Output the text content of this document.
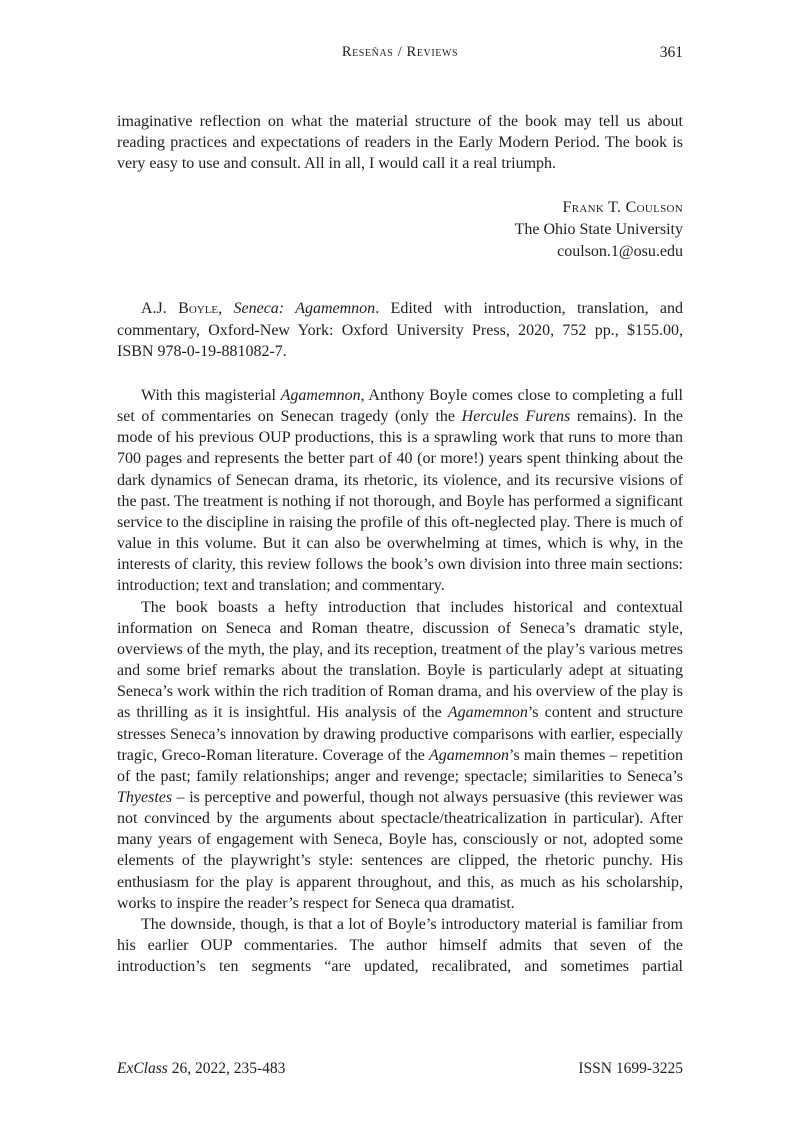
Reseñas / Reviews	361

imaginative reflection on what the material structure of the book may tell us about reading practices and expectations of readers in the Early Modern Period. The book is very easy to use and consult. All in all, I would call it a real triumph.

Frank T. Coulson
The Ohio State University
coulson.1@osu.edu

A.J. Boyle, Seneca: Agamemnon. Edited with introduction, translation, and commentary, Oxford-New York: Oxford University Press, 2020, 752 pp., $155.00, ISBN 978-0-19-881082-7.

With this magisterial Agamemnon, Anthony Boyle comes close to completing a full set of commentaries on Senecan tragedy (only the Hercules Furens remains). In the mode of his previous OUP productions, this is a sprawling work that runs to more than 700 pages and represents the better part of 40 (or more!) years spent thinking about the dark dynamics of Senecan drama, its rhetoric, its violence, and its recursive visions of the past. The treatment is nothing if not thorough, and Boyle has performed a significant service to the discipline in raising the profile of this oft-neglected play. There is much of value in this volume. But it can also be overwhelming at times, which is why, in the interests of clarity, this review follows the book’s own division into three main sections: introduction; text and translation; and commentary.

The book boasts a hefty introduction that includes historical and contextual information on Seneca and Roman theatre, discussion of Seneca’s dramatic style, overviews of the myth, the play, and its reception, treatment of the play’s various metres and some brief remarks about the translation. Boyle is particularly adept at situating Seneca’s work within the rich tradition of Roman drama, and his overview of the play is as thrilling as it is insightful. His analysis of the Agamemnon’s content and structure stresses Seneca’s innovation by drawing productive comparisons with earlier, especially tragic, Greco-Roman literature. Coverage of the Agamemnon’s main themes – repetition of the past; family relationships; anger and revenge; spectacle; similarities to Seneca’s Thyestes – is perceptive and powerful, though not always persuasive (this reviewer was not convinced by the arguments about spectacle/theatricalization in particular). After many years of engagement with Seneca, Boyle has, consciously or not, adopted some elements of the playwright’s style: sentences are clipped, the rhetoric punchy. His enthusiasm for the play is apparent throughout, and this, as much as his scholarship, works to inspire the reader’s respect for Seneca qua dramatist.

The downside, though, is that a lot of Boyle’s introductory material is familiar from his earlier OUP commentaries. The author himself admits that seven of the introduction’s ten segments “are updated, recalibrated, and sometimes partial

ExClass 26, 2022, 235-483	ISSN 1699-3225
